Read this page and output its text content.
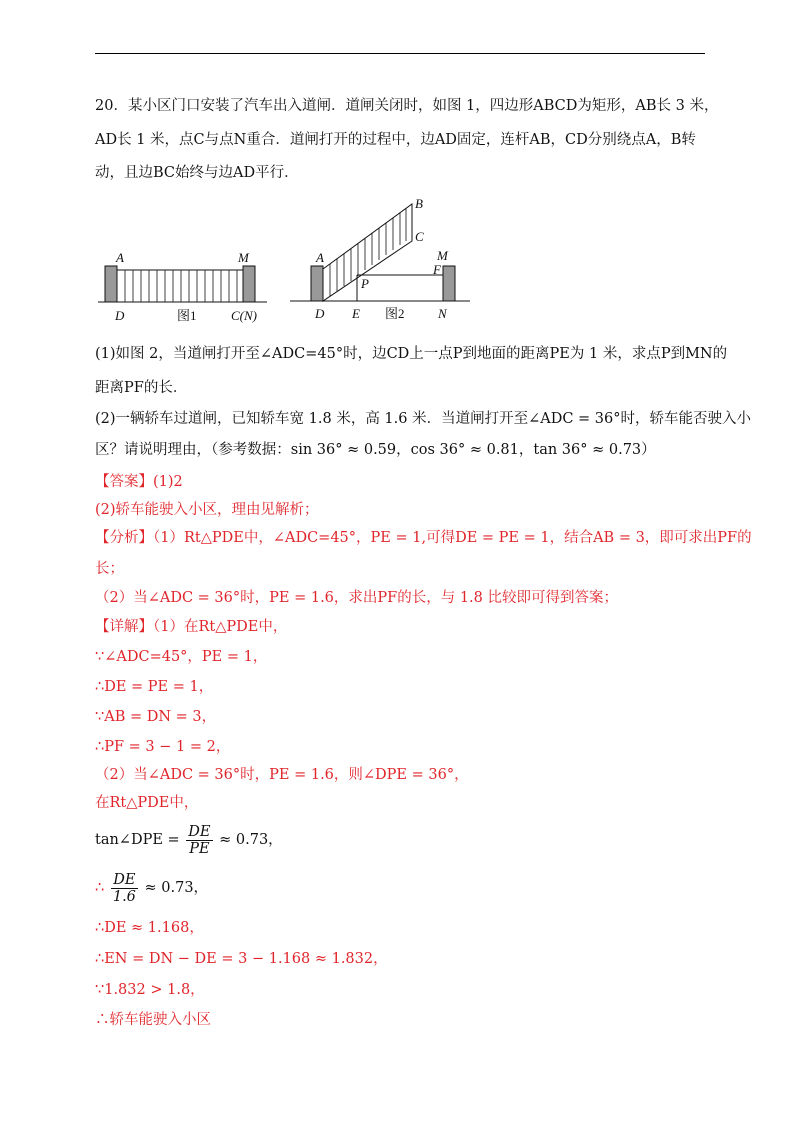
20．某小区门口安装了汽车出入道闸．道闸关闭时，如图 1，四边形ABCD为矩形，AB长 3 米，
AD长 1 米，点C与点N重合．道闸打开的过程中，边AD固定，连杆AB，CD分别绕点A，B转
动，且边BC始终与边AD平行．
A	M
D	图1	C(N)
B
C
A	M
F
P
D E 图2	N
(1)如图 2，当道闸打开至∠ADC=45°时，边CD上一点P到地面的距离PE为 1 米，求点P到MN的
距离PF的长．
(2)一辆轿车过道闸，已知轿车宽 1.8 米，高 1.6 米．当道闸打开至∠ADC = 36°时，轿车能否驶入小
区？请说明理由，（参考数据：sin 36° ≈ 0.59，cos 36° ≈ 0.81，tan 36° ≈ 0.73）
【答案】(1)2
(2)轿车能驶入小区，理由见解析；
【分析】（1）Rt△PDE中，∠ADC=45°，PE = 1,可得DE = PE = 1，结合AB = 3，即可求出PF的
长；
（2）当∠ADC = 36°时，PE = 1.6，求出PF的长，与 1.8 比较即可得到答案；
【详解】（1）在Rt△PDE中，
∵∠ADC=45°，PE = 1，
∴DE = PE = 1，
∵AB = DN = 3，
∴PF = 3 − 1 = 2，
（2）当∠ADC = 36°时，PE = 1.6，则∠DPE = 36°，
在Rt△PDE中，
tan∠DPE = $\frac{DE}{PE} \approx 0.73$，
∴ $\frac{DE}{1.6} \approx 0.73$，
∴DE ≈ 1.168，
∴EN = DN − DE = 3 − 1.168 ≈ 1.832，
∵1.832 > 1.8，
∴轿车能驶入小区
